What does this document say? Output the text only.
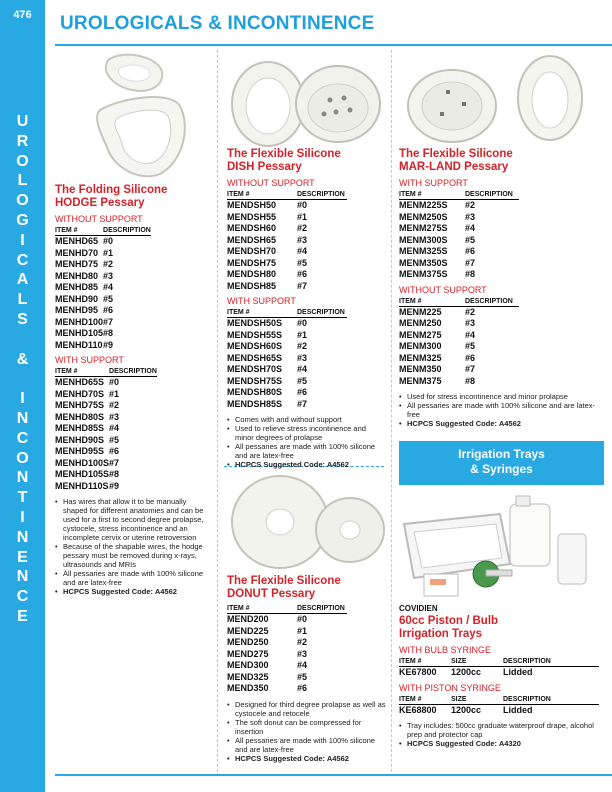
476
U
R
O
L
O
G
I
C
A
L
S

&

I
N
C
O
N
T
I
N
E
N
C
E
UROLOGICALS & INCONTINENCE
The Folding Silicone
HODGE Pessary
WITHOUT SUPPORT
ITEM #	DESCRIPTION
MENHD65	#0
MENHD70	#1
MENHD75	#2
MENHD80	#3
MENHD85	#4
MENHD90	#5
MENHD95	#6
MENHD100	#7
MENHD105	#8
MENHD110	#9
WITH SUPPORT
ITEM #	DESCRIPTION
MENHD65S	#0
MENHD70S	#1
MENHD75S	#2
MENHD80S	#3
MENHD85S	#4
MENHD90S	#5
MENHD95S	#6
MENHD100S	#7
MENHD105S	#8
MENHD110S	#9
• Has wires that allow it to be manually shaped for different anatomies and can be used for a first to second degree prolapse, cystocele, stress incontinence and an incomplete cervix or uterine retroversion
• Because of the shapable wires, the hodge pessary must be removed during x-rays, ultrasounds and MRIs
• All pessaries are made with 100% silicone and are latex-free
• HCPCS Suggested Code: A4562
The Flexible Silicone
DISH Pessary
WITHOUT SUPPORT
ITEM #	DESCRIPTION
MENDSH50	#0
MENDSH55	#1
MENDSH60	#2
MENDSH65	#3
MENDSH70	#4
MENDSH75	#5
MENDSH80	#6
MENDSH85	#7
WITH SUPPORT
ITEM #	DESCRIPTION
MENDSH50S	#0
MENDSH55S	#1
MENDSH60S	#2
MENDSH65S	#3
MENDSH70S	#4
MENDSH75S	#5
MENDSH80S	#6
MENDSH85S	#7
• Comes with and without support
• Used to relieve stress incontinence and minor degrees of prolapse
• All pessaries are made with 100% silicone and are latex-free
• HCPCS Suggested Code: A4562
The Flexible Silicone
DONUT Pessary
ITEM #	DESCRIPTION
MEND200	#0
MEND225	#1
MEND250	#2
MEND275	#3
MEND300	#4
MEND325	#5
MEND350	#6
• Designed for third degree prolapse as well as cystocele and retocele
• The soft donut can be compressed for insertion
• All pessaries are made with 100% silicone and are latex-free
• HCPCS Suggested Code: A4562
The Flexible Silicone
MAR-LAND Pessary
WITH SUPPORT
ITEM #	DESCRIPTION
MENM225S	#2
MENM250S	#3
MENM275S	#4
MENM300S	#5
MENM325S	#6
MENM350S	#7
MENM375S	#8
WITHOUT SUPPORT
ITEM #	DESCRIPTION
MENM225	#2
MENM250	#3
MENM275	#4
MENM300	#5
MENM325	#6
MENM350	#7
MENM375	#8
• Used for stress incontinence and minor prolapse
• All pessaries are made with 100% silicone and are latex-free
• HCPCS Suggested Code: A4562
Irrigation Trays
& Syringes
COVIDIEN
60cc Piston / Bulb
Irrigation Trays
WITH BULB SYRINGE
ITEM #	SIZE	DESCRIPTION
KE67800	1200cc	Lidded
WITH PISTON SYRINGE
ITEM #	SIZE	DESCRIPTION
KE68800	1200cc	Lidded
• Tray includes: 500cc graduate waterproof drape, alcohol prep and protector cap
• HCPCS Suggested Code: A4320
